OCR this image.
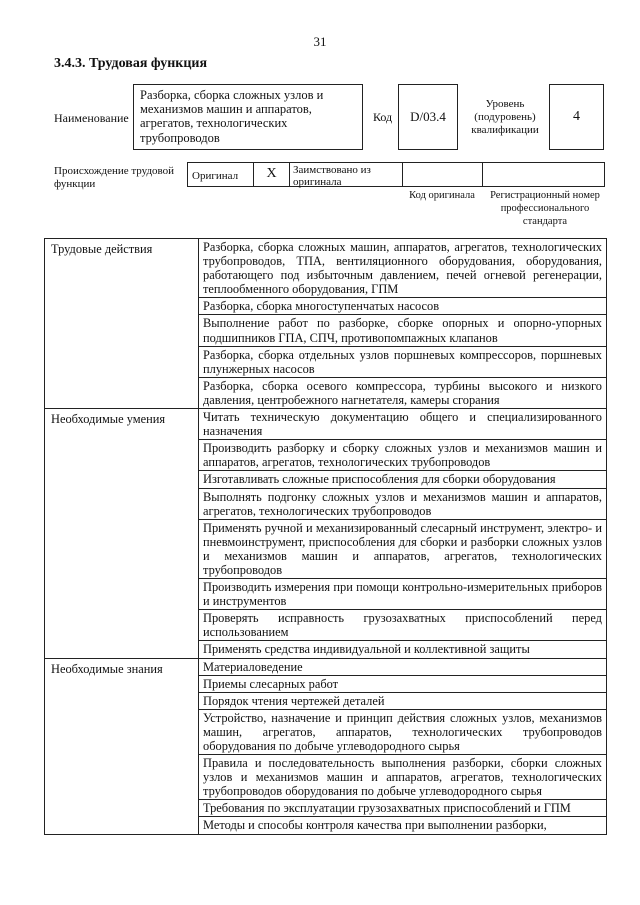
31
3.4.3. Трудовая функция
Наименование
Разборка, сборка сложных узлов и механизмов машин и аппаратов, агрегатов, технологических трубопроводов
Код D/03.4
Уровень (подуровень) квалификации
4
Происхождение трудовой функции
Оригинал	X	Заимствовано из оригинала
Код оригинала	Регистрационный номер профессионального стандарта
Трудовые действия	Разборка, сборка сложных машин, аппаратов, агрегатов, технологических трубопроводов, ТПА, вентиляционного оборудования, оборудования, работающего под избыточным давлением, печей огневой регенерации, теплообменного оборудования, ГПМ
	Разборка, сборка многоступенчатых насосов
	Выполнение работ по разборке, сборке опорных и опорно-упорных подшипников ГПА, СПЧ, противопомпажных клапанов
	Разборка, сборка отдельных узлов поршневых компрессоров, поршневых плунжерных насосов
	Разборка, сборка осевого компрессора, турбины высокого и низкого давления, центробежного нагнетателя, камеры сгорания
Необходимые умения	Читать техническую документацию общего и специализированного назначения
	Производить разборку и сборку сложных узлов и механизмов машин и аппаратов, агрегатов, технологических трубопроводов
	Изготавливать сложные приспособления для сборки оборудования
	Выполнять подгонку сложных узлов и механизмов машин и аппаратов, агрегатов, технологических трубопроводов
	Применять ручной и механизированный слесарный инструмент, электро- и пневмоинструмент, приспособления для сборки и разборки сложных узлов и механизмов машин и аппаратов, агрегатов, технологических трубопроводов
	Производить измерения при помощи контрольно-измерительных приборов и инструментов
	Проверять исправность грузозахватных приспособлений перед использованием
	Применять средства индивидуальной и коллективной защиты
Необходимые знания	Материаловедение
	Приемы слесарных работ
	Порядок чтения чертежей деталей
	Устройство, назначение и принцип действия сложных узлов, механизмов машин, агрегатов, аппаратов, технологических трубопроводов оборудования по добыче углеводородного сырья
	Правила и последовательность выполнения разборки, сборки сложных узлов и механизмов машин и аппаратов, агрегатов, технологических трубопроводов оборудования по добыче углеводородного сырья
	Требования по эксплуатации грузозахватных приспособлений и ГПМ
	Методы и способы контроля качества при выполнении разборки,
